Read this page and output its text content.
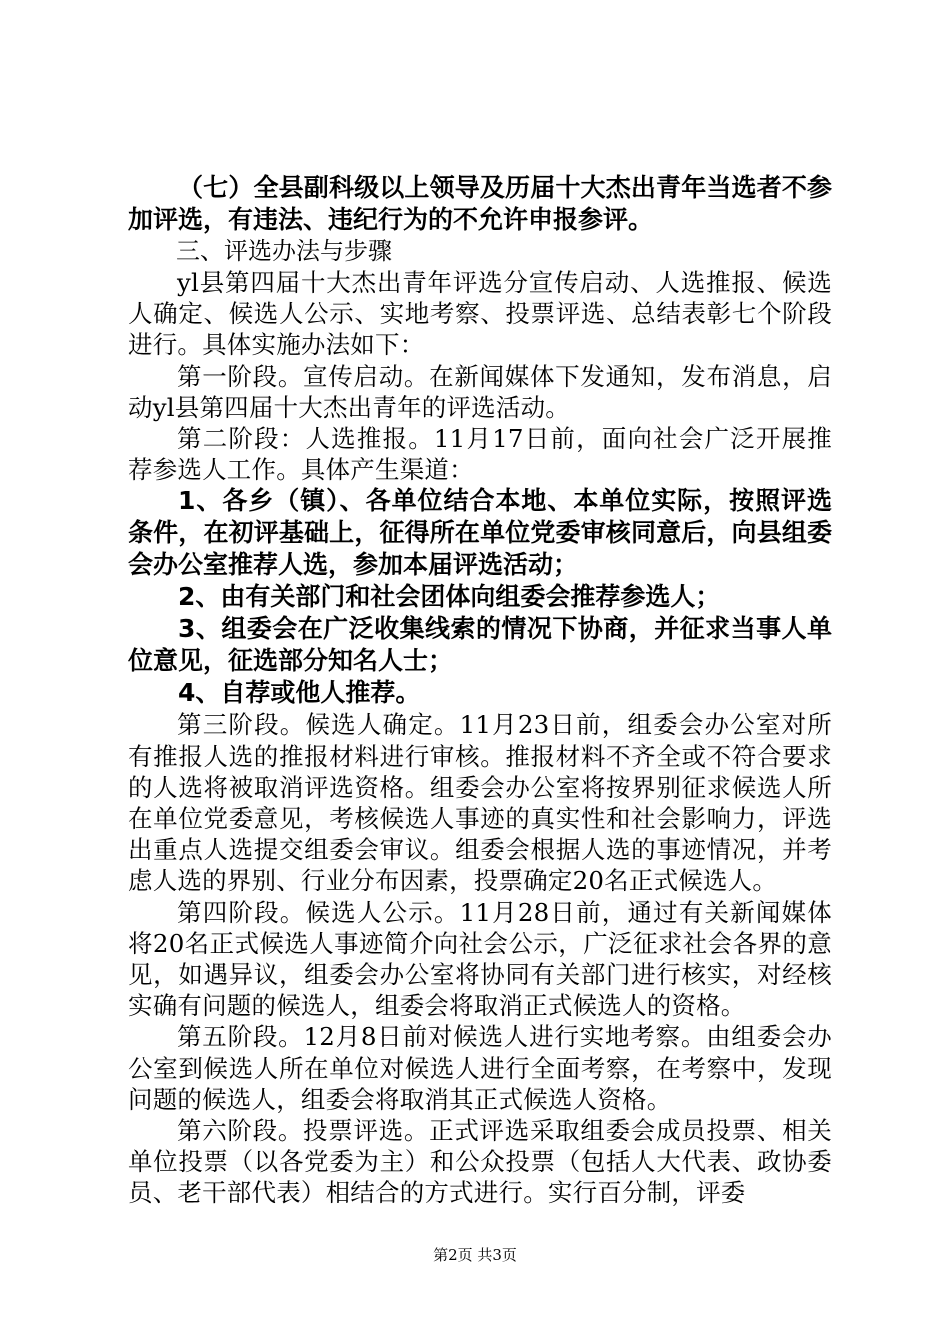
（七）全县副科级以上领导及历届十大杰出青年当选者不参加评选，有违法、违纪行为的不允许申报参评。

三、评选办法与步骤

yl县第四届十大杰出青年评选分宣传启动、人选推报、候选人确定、候选人公示、实地考察、投票评选、总结表彰七个阶段进行。具体实施办法如下：

第一阶段。宣传启动。在新闻媒体下发通知，发布消息，启动yl县第四届十大杰出青年的评选活动。

第二阶段：人选推报。11月17日前，面向社会广泛开展推荐参选人工作。具体产生渠道：

1、各乡（镇）、各单位结合本地、本单位实际，按照评选条件，在初评基础上，征得所在单位党委审核同意后，向县组委会办公室推荐人选，参加本届评选活动；

2、由有关部门和社会团体向组委会推荐参选人；

3、组委会在广泛收集线索的情况下协商，并征求当事人单位意见，征选部分知名人士；

4、自荐或他人推荐。

第三阶段。候选人确定。11月23日前，组委会办公室对所有推报人选的推报材料进行审核。推报材料不齐全或不符合要求的人选将被取消评选资格。组委会办公室将按界别征求候选人所在单位党委意见，考核候选人事迹的真实性和社会影响力，评选出重点人选提交组委会审议。组委会根据人选的事迹情况，并考虑人选的界别、行业分布因素，投票确定20名正式候选人。

第四阶段。候选人公示。11月28日前，通过有关新闻媒体将20名正式候选人事迹简介向社会公示，广泛征求社会各界的意见，如遇异议，组委会办公室将协同有关部门进行核实，对经核实确有问题的候选人，组委会将取消正式候选人的资格。

第五阶段。12月8日前对候选人进行实地考察。由组委会办公室到候选人所在单位对候选人进行全面考察，在考察中，发现问题的候选人，组委会将取消其正式候选人资格。

第六阶段。投票评选。正式评选采取组委会成员投票、相关单位投票（以各党委为主）和公众投票（包括人大代表、政协委员、老干部代表）相结合的方式进行。实行百分制，评委

第2页 共3页
